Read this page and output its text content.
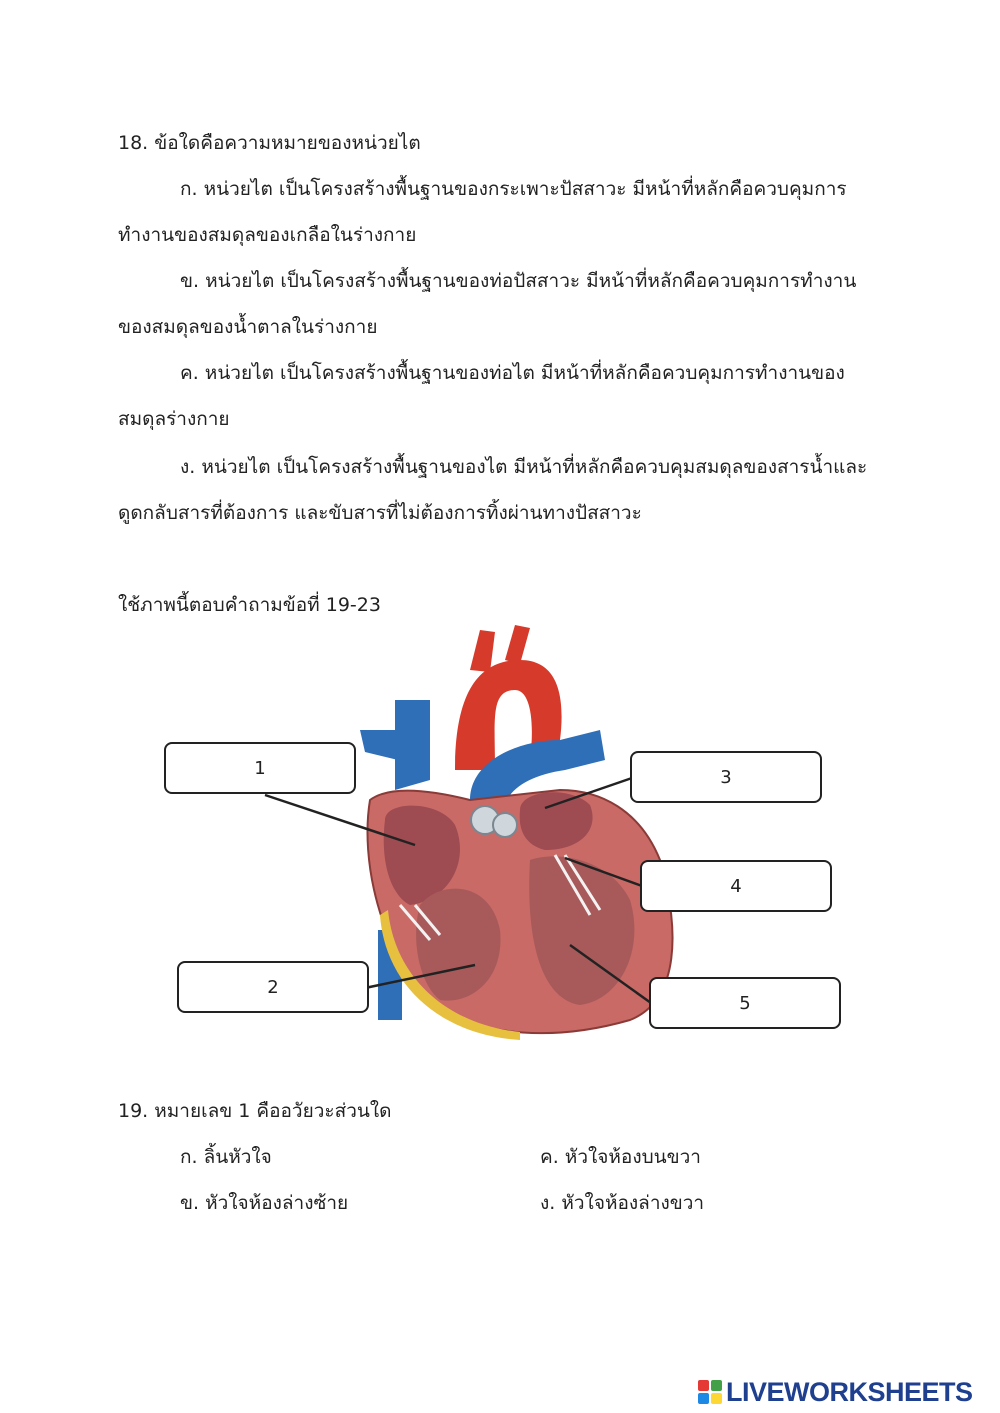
18. ข้อใดคือความหมายของหน่วยไต
ก. หน่วยไต เป็นโครงสร้างพื้นฐานของกระเพาะปัสสาวะ มีหน้าที่หลักคือควบคุมการ
ทำงานของสมดุลของเกลือในร่างกาย
ข. หน่วยไต เป็นโครงสร้างพื้นฐานของท่อปัสสาวะ มีหน้าที่หลักคือควบคุมการทำงาน
ของสมดุลของน้ำตาลในร่างกาย
ค. หน่วยไต เป็นโครงสร้างพื้นฐานของท่อไต มีหน้าที่หลักคือควบคุมการทำงานของ
สมดุลร่างกาย
ง. หน่วยไต เป็นโครงสร้างพื้นฐานของไต มีหน้าที่หลักคือควบคุมสมดุลของสารน้ำและ
ดูดกลับสารที่ต้องการ และขับสารที่ไม่ต้องการทิ้งผ่านทางปัสสาวะ
ใช้ภาพนี้ตอบคำถามข้อที่ 19-23
1
2
3
4
5
19. หมายเลข 1 คืออวัยวะส่วนใด
ก. ลิ้นหัวใจ	ค. หัวใจห้องบนขวา
ข. หัวใจห้องล่างซ้าย	ง. หัวใจห้องล่างขวา
LIVEWORKSHEETS
